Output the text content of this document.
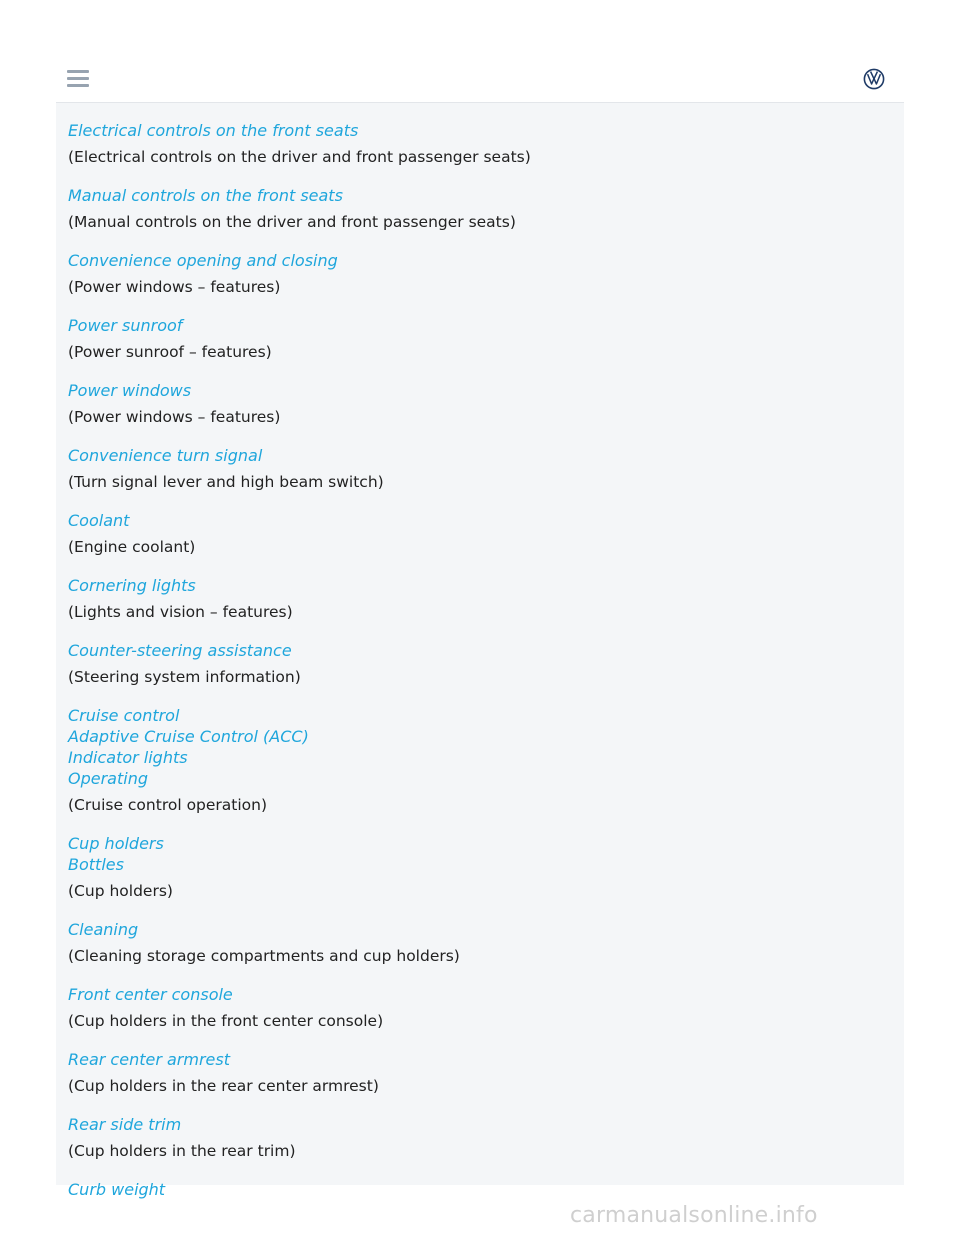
Electrical controls on the front seats
(Electrical controls on the driver and front passenger seats)
Manual controls on the front seats
(Manual controls on the driver and front passenger seats)
Convenience opening and closing
(Power windows – features)
Power sunroof
(Power sunroof – features)
Power windows
(Power windows – features)
Convenience turn signal
(Turn signal lever and high beam switch)
Coolant
(Engine coolant)
Cornering lights
(Lights and vision – features)
Counter-steering assistance
(Steering system information)
Cruise control
Adaptive Cruise Control (ACC)
Indicator lights
Operating
(Cruise control operation)
Cup holders
Bottles
(Cup holders)
Cleaning
(Cleaning storage compartments and cup holders)
Front center console
(Cup holders in the front center console)
Rear center armrest
(Cup holders in the rear center armrest)
Rear side trim
(Cup holders in the rear trim)
Curb weight
carmanualsonline.info
